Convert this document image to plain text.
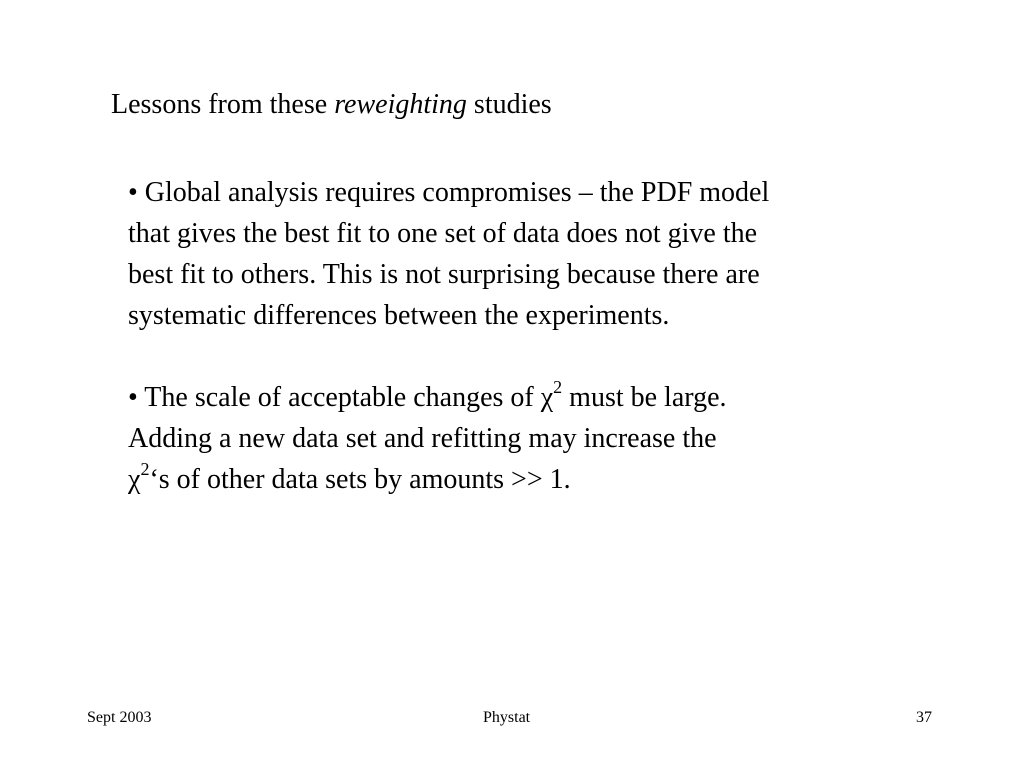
Lessons from these reweighting studies

• Global analysis requires compromises – the PDF model

that gives the best fit to one set of data does not give the

best fit to others. This is not surprising because there are

systematic differences between the experiments.

• The scale of acceptable changes of $\chi^2$ must be large.

Adding a new data set and refitting may increase the

$\chi^2‘s$ of other data sets by amounts >> 1.

Sept 2003	Phystat	37
